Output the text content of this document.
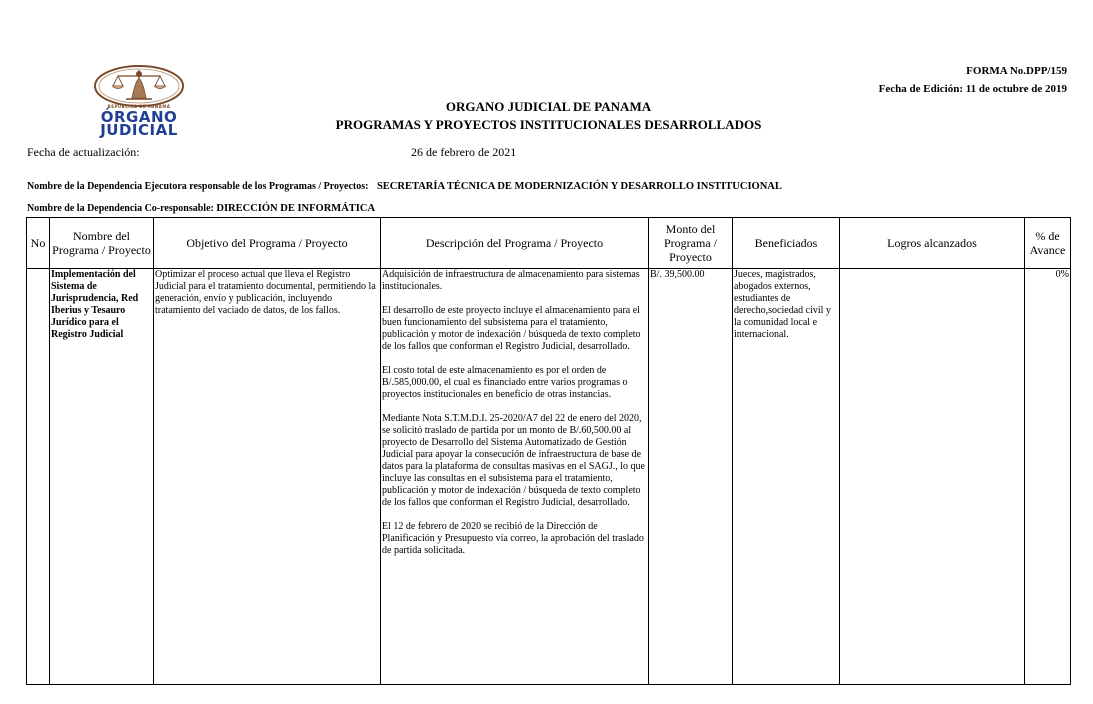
REPÚBLICA DE PANAMÁ
ÓRGANO
JUDICIAL
FORMA No.DPP/159
Fecha de Edición: 11 de octubre de 2019
ORGANO JUDICIAL DE PANAMA
PROGRAMAS Y PROYECTOS INSTITUCIONALES DESARROLLADOS
Fecha de actualización:	26 de febrero de 2021
Nombre de la Dependencia Ejecutora responsable de los Programas / Proyectos: SECRETARÍA TÉCNICA DE MODERNIZACIÓN Y DESARROLLO INSTITUCIONAL
Nombre de la Dependencia Co-responsable: DIRECCIÓN DE INFORMÁTICA
No	Nombre del Programa / Proyecto	Objetivo del Programa / Proyecto	Descripción del Programa / Proyecto	Monto del Programa / Proyecto	Beneficiados	Logros alcanzados	% de Avance
	Implementación del Sistema de Jurisprudencia, Red Iberius y Tesauro Jurídico para el Registro Judicial	Optimizar el proceso actual que lleva el Registro Judicial para el tratamiento documental, permitiendo la generación, envío y publicación, incluyendo tratamiento del vaciado de datos, de los fallos.	Adquisición de infraestructura de almacenamiento para sistemas institucionales.

El desarrollo de este proyecto incluye el almacenamiento para el buen funcionamiento del subsistema para el tratamiento, publicación y motor de indexación / búsqueda de texto completo de los fallos que conforman el Registro Judicial, desarrollado.

El costo total de este almacenamiento es por el orden de B/.585,000.00, el cual es financiado entre varios programas o proyectos institucionales en beneficio de otras instancias.

Mediante Nota S.T.M.D.I. 25-2020/A7 del 22 de enero del 2020, se solicitó traslado de partida por un monto de B/.60,500.00 al proyecto de Desarrollo del Sistema Automatizado de Gestión Judicial para apoyar la consecución de infraestructura de base de datos para la plataforma de consultas masivas en el SAGJ., lo que incluye las consultas en el subsistema para el tratamiento, publicación y motor de indexación / búsqueda de texto completo de los fallos que conforman el Registro Judicial, desarrollado.

El 12 de febrero de 2020 se recibió de la Dirección de Planificación y Presupuesto vía correo, la aprobación del traslado de partida solicitada.	B/. 39,500.00	Jueces, magistrados, abogados externos, estudiantes de derecho,sociedad civil y la comunidad local e internacional.		0%
